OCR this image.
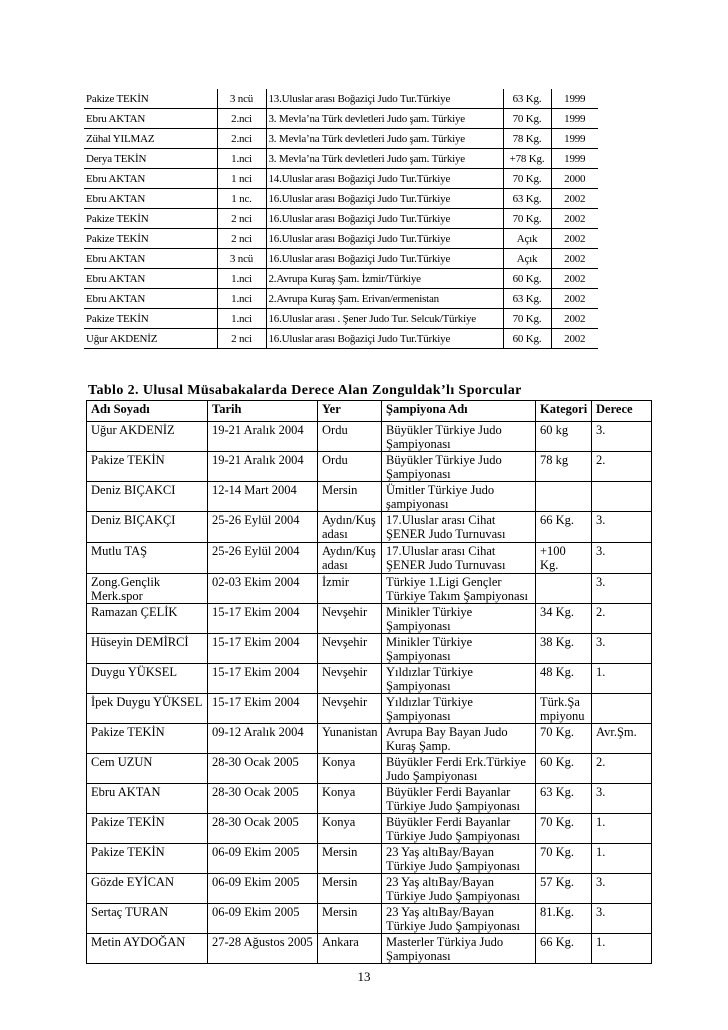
Pakize TEKİN	3 ncü	13.Uluslar arası Boğaziçi Judo Tur.Türkiye	63 Kg.	1999
Ebru AKTAN	2.nci	3. Mevla’na Türk devletleri Judo şam. Türkiye	70 Kg.	1999
Zühal YILMAZ	2.nci	3. Mevla’na Türk devletleri Judo şam. Türkiye	78 Kg.	1999
Derya TEKİN	1.nci	3. Mevla’na Türk devletleri Judo şam. Türkiye	+78 Kg.	1999
Ebru AKTAN	1 nci	14.Uluslar arası Boğaziçi Judo Tur.Türkiye	70 Kg.	2000
Ebru AKTAN	1 nc.	16.Uluslar arası Boğaziçi Judo Tur.Türkiye	63 Kg.	2002
Pakize TEKİN	2 nci	16.Uluslar arası Boğaziçi Judo Tur.Türkiye	70 Kg.	2002
Pakize TEKİN	2 nci	16.Uluslar arası Boğaziçi Judo Tur.Türkiye	Açık	2002
Ebru AKTAN	3 ncü	16.Uluslar arası Boğaziçi Judo Tur.Türkiye	Açık	2002
Ebru AKTAN	1.nci	2.Avrupa Kuraş Şam. İzmir/Türkiye	60 Kg.	2002
Ebru AKTAN	1.nci	2.Avrupa Kuraş Şam. Erivan/ermenistan	63 Kg.	2002
Pakize TEKİN	1.nci	16.Uluslar arası . Şener Judo Tur. Selcuk/Türkiye	70 Kg.	2002
Uğur AKDENİZ	2 nci	16.Uluslar arası Boğaziçi Judo Tur.Türkiye	60 Kg.	2002
Tablo 2. Ulusal Müsabakalarda Derece Alan Zonguldak’lı Sporcular
Adı Soyadı	Tarih	Yer	Şampiyona Adı	Kategori	Derece
Uğur AKDENİZ	19-21 Aralık 2004	Ordu	Büyükler Türkiye Judo Şampiyonası	60 kg	3.
Pakize TEKİN	19-21 Aralık 2004	Ordu	Büyükler Türkiye Judo Şampiyonası	78 kg	2.
Deniz BIÇAKCI	12-14 Mart 2004	Mersin	Ümitler Türkiye Judo şampiyonası		
Deniz BIÇAKÇI	25-26 Eylül 2004	Aydın/Kuş adası	17.Uluslar arası Cihat ŞENER Judo Turnuvası	66 Kg.	3.
Mutlu TAŞ	25-26 Eylül 2004	Aydın/Kuş adası	17.Uluslar arası Cihat ŞENER Judo Turnuvası	+100 Kg.	3.
Zong.Gençlik Merk.spor	02-03 Ekim 2004	İzmir	Türkiye 1.Ligi Gençler Türkiye Takım Şampiyonası		3.
Ramazan ÇELİK	15-17 Ekim 2004	Nevşehir	Minikler Türkiye Şampiyonası	34 Kg.	2.
Hüseyin DEMİRCİ	15-17 Ekim 2004	Nevşehir	Minikler Türkiye Şampiyonası	38 Kg.	3.
Duygu YÜKSEL	15-17 Ekim 2004	Nevşehir	Yıldızlar Türkiye Şampiyonası	48 Kg.	1.
İpek Duygu YÜKSEL	15-17 Ekim 2004	Nevşehir	Yıldızlar Türkiye Şampiyonası	Türk.Şa mpiyonu	
Pakize TEKİN	09-12 Aralık 2004	Yunanistan	Avrupa Bay Bayan Judo Kuraş Şamp.	70 Kg.	Avr.Şm.
Cem UZUN	28-30 Ocak 2005	Konya	Büyükler Ferdi Erk.Türkiye Judo Şampiyonası	60 Kg.	2.
Ebru AKTAN	28-30 Ocak 2005	Konya	Büyükler Ferdi Bayanlar Türkiye Judo Şampiyonası	63 Kg.	3.
Pakize TEKİN	28-30 Ocak 2005	Konya	Büyükler Ferdi Bayanlar Türkiye Judo Şampiyonası	70 Kg.	1.
Pakize TEKİN	06-09 Ekim 2005	Mersin	23 Yaş altıBay/Bayan Türkiye Judo Şampiyonası	70 Kg.	1.
Gözde EYİCAN	06-09 Ekim 2005	Mersin	23 Yaş altıBay/Bayan Türkiye Judo Şampiyonası	57 Kg.	3.
Sertaç TURAN	06-09 Ekim 2005	Mersin	23 Yaş altıBay/Bayan Türkiye Judo Şampiyonası	81.Kg.	3.
Metin AYDOĞAN	27-28 Ağustos 2005	Ankara	Masterler Türkiya Judo Şampiyonası	66 Kg.	1.
13
